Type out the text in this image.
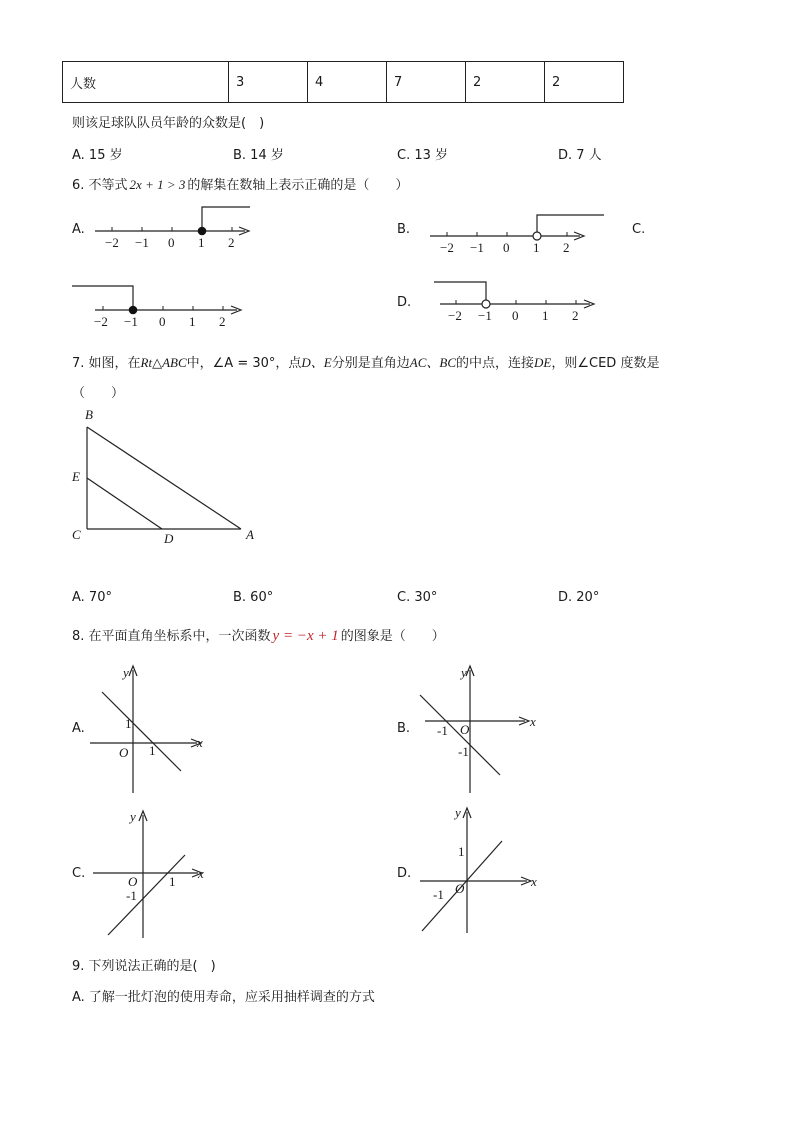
人数	3	4	7	2	2
则该足球队队员年龄的众数是(　)
A. 15 岁	B. 14 岁	C. 13 岁	D. 7 人
6. 不等式 2x + 1 > 3 的解集在数轴上表示正确的是（　　）
A.	B.	C.
D.
−2 −1 0 1 2	−2 −1 0 1 2
−2 −1 0 1 2	−2 −1 0 1 2
7. 如图，在Rt△ABC中，∠A = 30°，点D、E分别是直角边AC、BC的中点，连接DE，则∠CED 度数是
（　　）
B
E
C	D	A
A. 70°	B. 60°	C. 30°	D. 20°
8. 在平面直角坐标系中，一次函数 y = −x + 1 的图象是（　　）
A.	B.
C.	D.
y
x
O
1
1
y
x
O
-1
-1
y
x
O 1
-1
y
x
O
1
-1
9. 下列说法正确的是(　)
A. 了解一批灯泡的使用寿命，应采用抽样调查的方式
